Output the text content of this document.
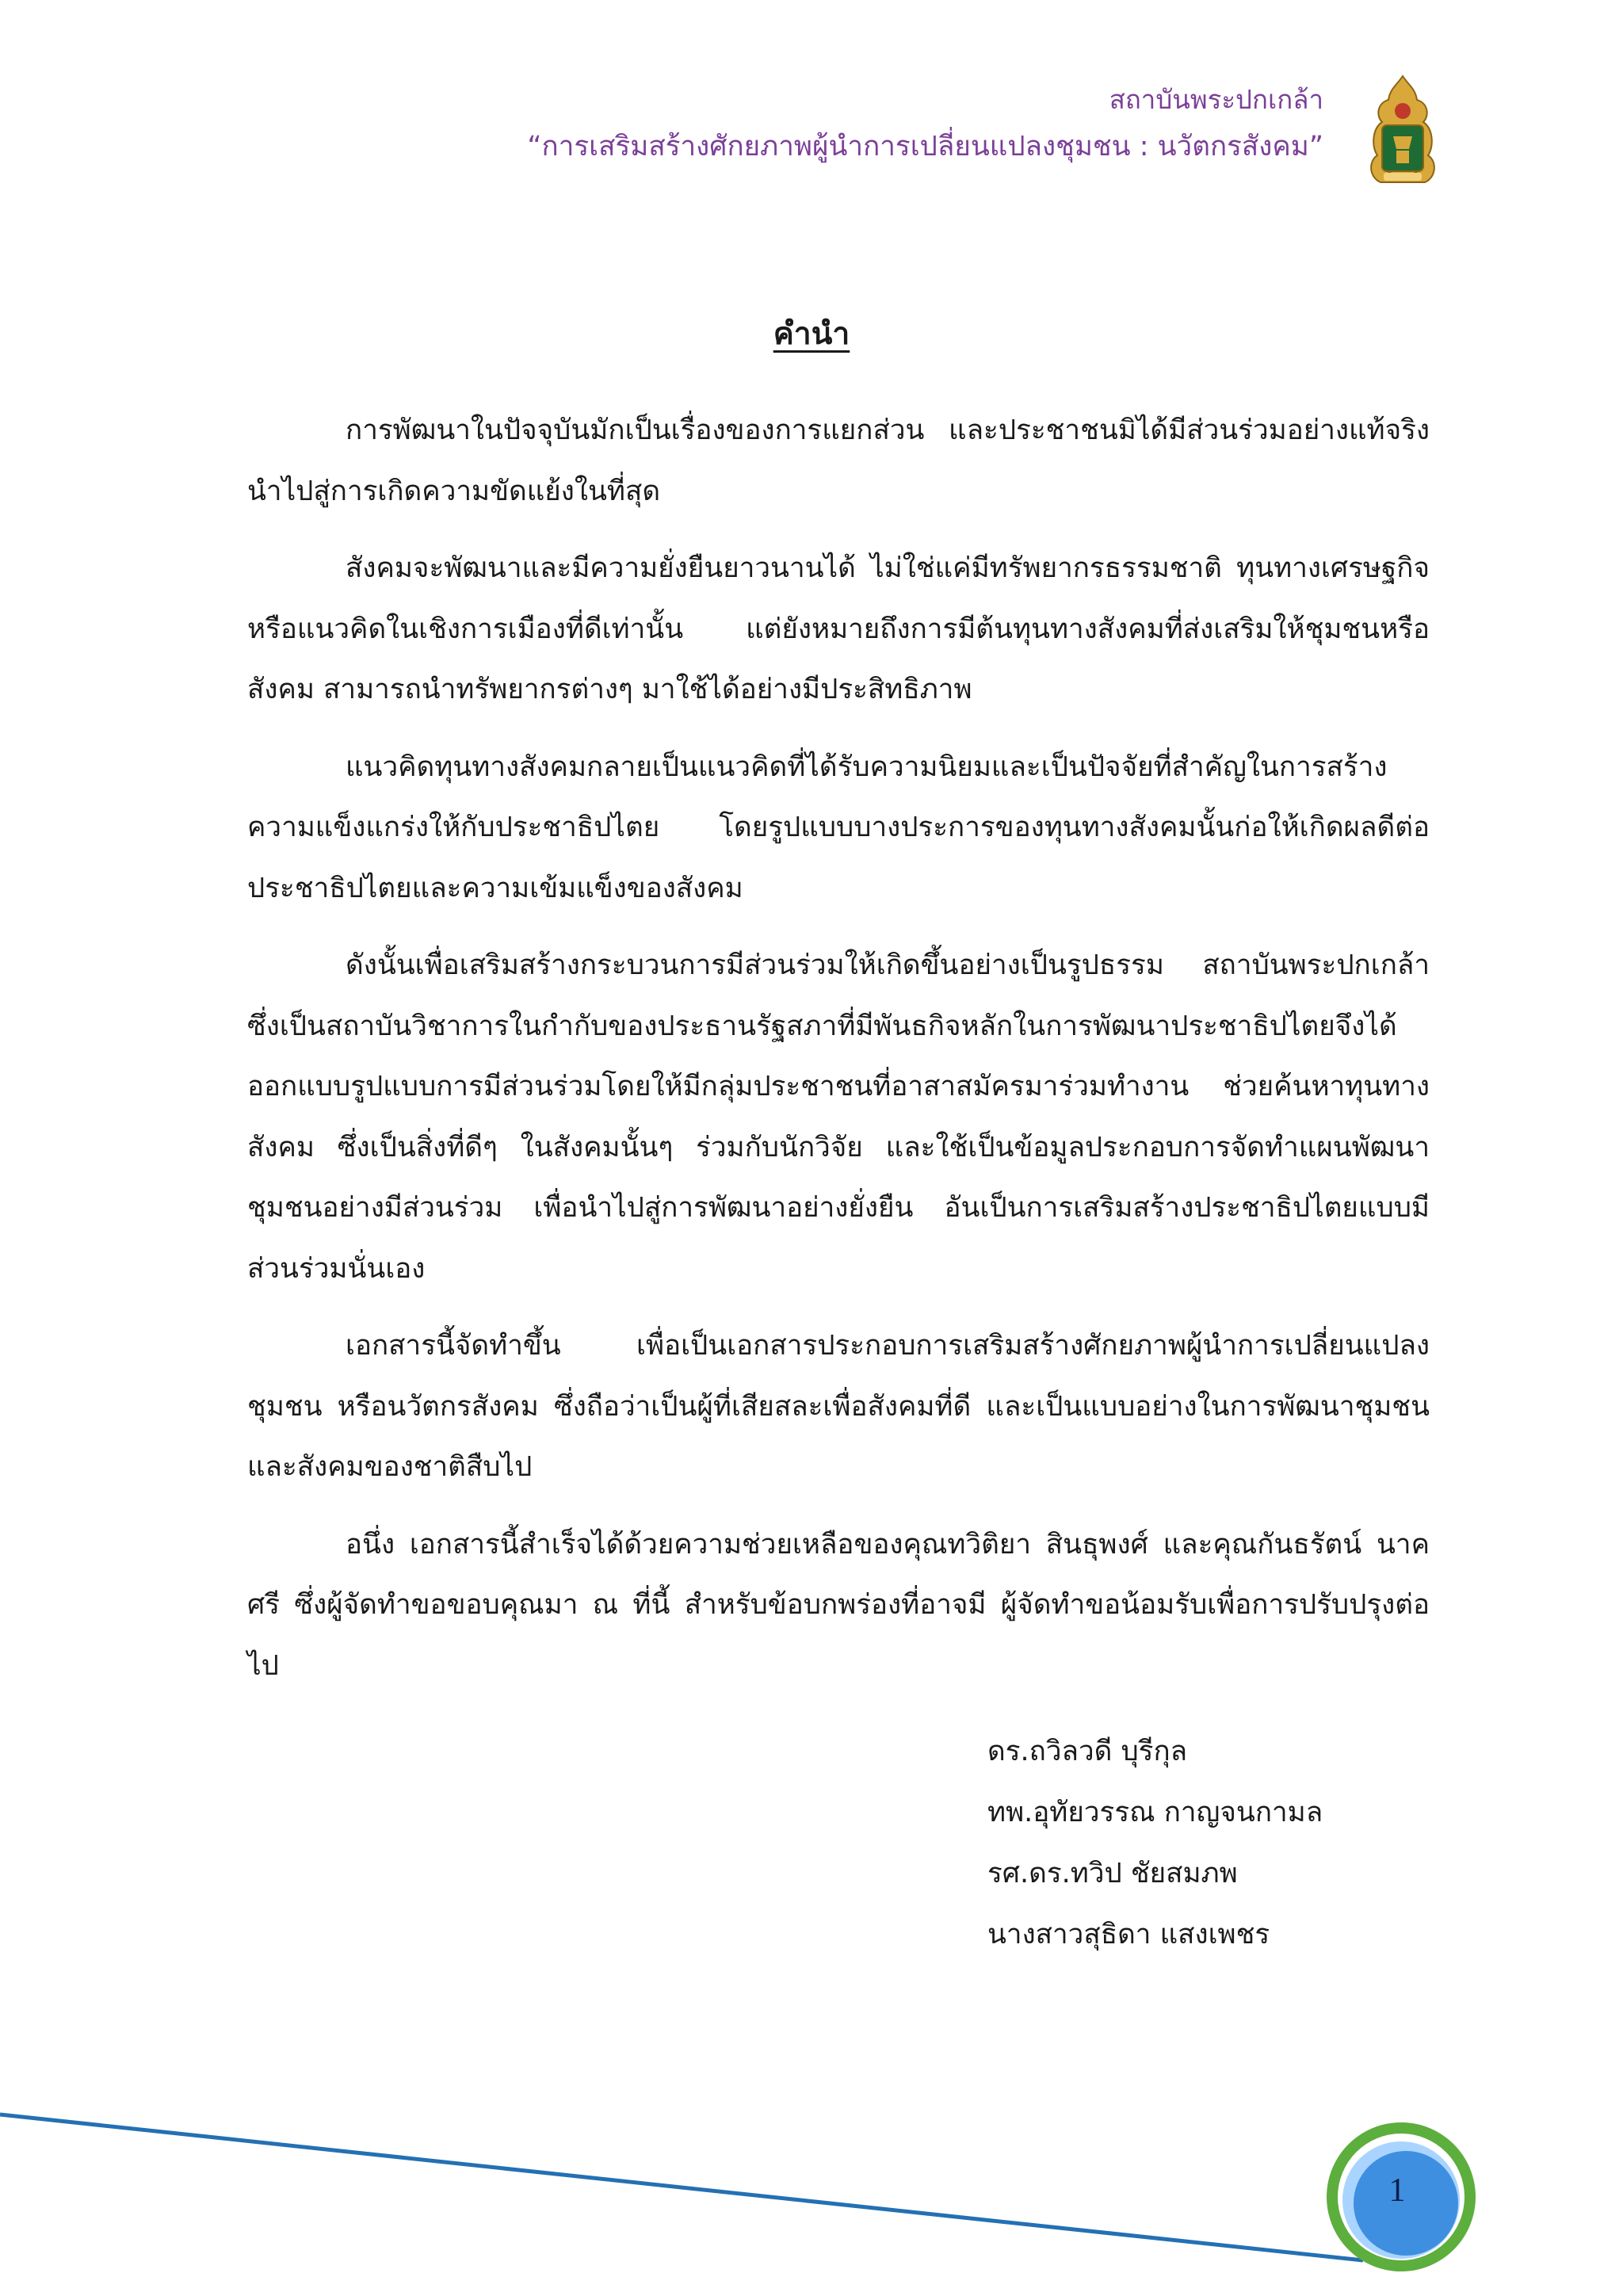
สถาบันพระปกเกล้า
“การเสริมสร้างศักยภาพผู้นำการเปลี่ยนแปลงชุมชน : นวัตกรสังคม”
คำนำ

การพัฒนาในปัจจุบันมักเป็นเรื่องของการแยกส่วน และประชาชนมิได้มีส่วนร่วมอย่างแท้จริง นำไปสู่การเกิดความขัดแย้งในที่สุด

สังคมจะพัฒนาและมีความยั่งยืนยาวนานได้ ไม่ใช่แค่มีทรัพยากรธรรมชาติ ทุนทางเศรษฐกิจ หรือแนวคิดในเชิงการเมืองที่ดีเท่านั้น แต่ยังหมายถึงการมีต้นทุนทางสังคมที่ส่งเสริมให้ชุมชนหรือสังคม สามารถนำทรัพยากรต่างๆ มาใช้ได้อย่างมีประสิทธิภาพ

แนวคิดทุนทางสังคมกลายเป็นแนวคิดที่ได้รับความนิยมและเป็นปัจจัยที่สำคัญในการสร้างความแข็งแกร่งให้กับประชาธิปไตย โดยรูปแบบบางประการของทุนทางสังคมนั้นก่อให้เกิดผลดีต่อประชาธิปไตยและความเข้มแข็งของสังคม

ดังนั้นเพื่อเสริมสร้างกระบวนการมีส่วนร่วมให้เกิดขึ้นอย่างเป็นรูปธรรม สถาบันพระปกเกล้าซึ่งเป็นสถาบันวิชาการในกำกับของประธานรัฐสภาที่มีพันธกิจหลักในการพัฒนาประชาธิปไตยจึงได้ออกแบบรูปแบบการมีส่วนร่วมโดยให้มีกลุ่มประชาชนที่อาสาสมัครมาร่วมทำงาน ช่วยค้นหาทุนทางสังคม ซึ่งเป็นสิ่งที่ดีๆ ในสังคมนั้นๆ ร่วมกับนักวิจัย และใช้เป็นข้อมูลประกอบการจัดทำแผนพัฒนาชุมชนอย่างมีส่วนร่วม เพื่อนำไปสู่การพัฒนาอย่างยั่งยืน อันเป็นการเสริมสร้างประชาธิปไตยแบบมีส่วนร่วมนั่นเอง

เอกสารนี้จัดทำขึ้น เพื่อเป็นเอกสารประกอบการเสริมสร้างศักยภาพผู้นำการเปลี่ยนแปลงชุมชน หรือนวัตกรสังคม ซึ่งถือว่าเป็นผู้ที่เสียสละเพื่อสังคมที่ดี และเป็นแบบอย่างในการพัฒนาชุมชนและสังคมของชาติสืบไป

อนึ่ง เอกสารนี้สำเร็จได้ด้วยความช่วยเหลือของคุณทวิติยา สินธุพงศ์ และคุณกันธรัตน์ นาคศรี ซึ่งผู้จัดทำขอขอบคุณมา ณ ที่นี้ สำหรับข้อบกพร่องที่อาจมี ผู้จัดทำขอน้อมรับเพื่อการปรับปรุงต่อไป

ดร.ถวิลวดี บุรีกุล
ทพ.อุทัยวรรณ กาญจนกามล
รศ.ดร.ทวิป ชัยสมภพ
นางสาวสุธิดา แสงเพชร
1
